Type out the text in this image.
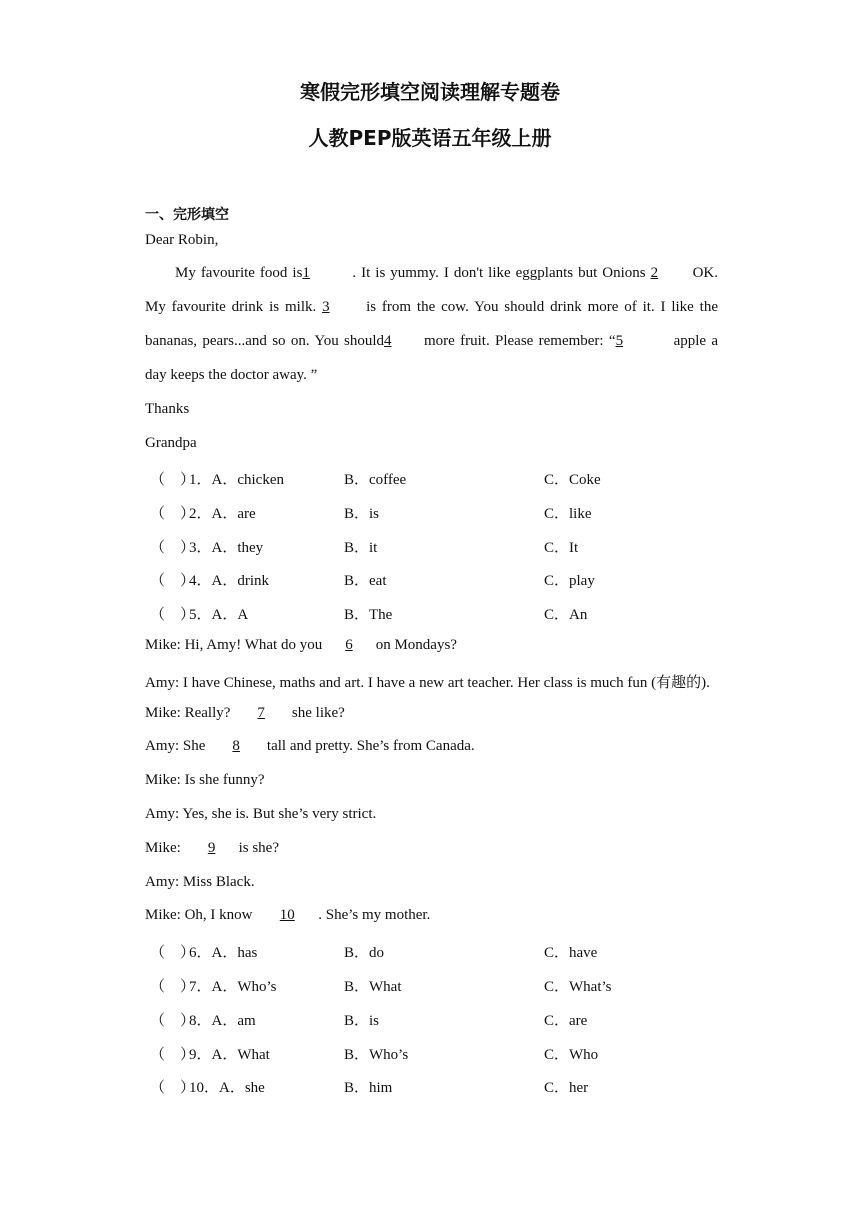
寒假完形填空阅读理解专题卷
人教PEP版英语五年级上册
一、完形填空
Dear Robin,
My favourite food is1	. It is yummy. I don't like eggplants but Onions 2 OK.
My favourite drink is milk. 3 is from the cow. You should drink more of it. I like the
bananas, pears...and so on. You should4 more fruit. Please remember: “5	apple a
day keeps the doctor away. ”
Thanks
Grandpa
（　）
1．A．chicken	B．coffee	C．Coke
（　）
2．A．are	B．is	C．like
（　）
3．A．they	B．it	C．It
（　）
4．A．drink	B．eat	C．play
（　）
5．A．A	B．The	C．An
Mike: Hi, Amy! What do you 6 on Mondays?
Amy: I have Chinese, maths and art. I have a new art teacher. Her class is much fun (有趣的).
Mike: Really? 7 she like?
Amy: She 8 tall and pretty. She’s from Canada.
Mike: Is she funny?
Amy: Yes, she is. But she’s very strict.
Mike: 9 is she?
Amy: Miss Black.
Mike: Oh, I know 10 . She’s my mother.
（　）
6．A．has	B．do	C．have
（　）
7．A．Who’s	B．What	C．What’s
（　）
8．A．am	B．is	C．are
（　）
9．A．What	B．Who’s	C．Who
（　）
10．A．she	B．him	C．her
